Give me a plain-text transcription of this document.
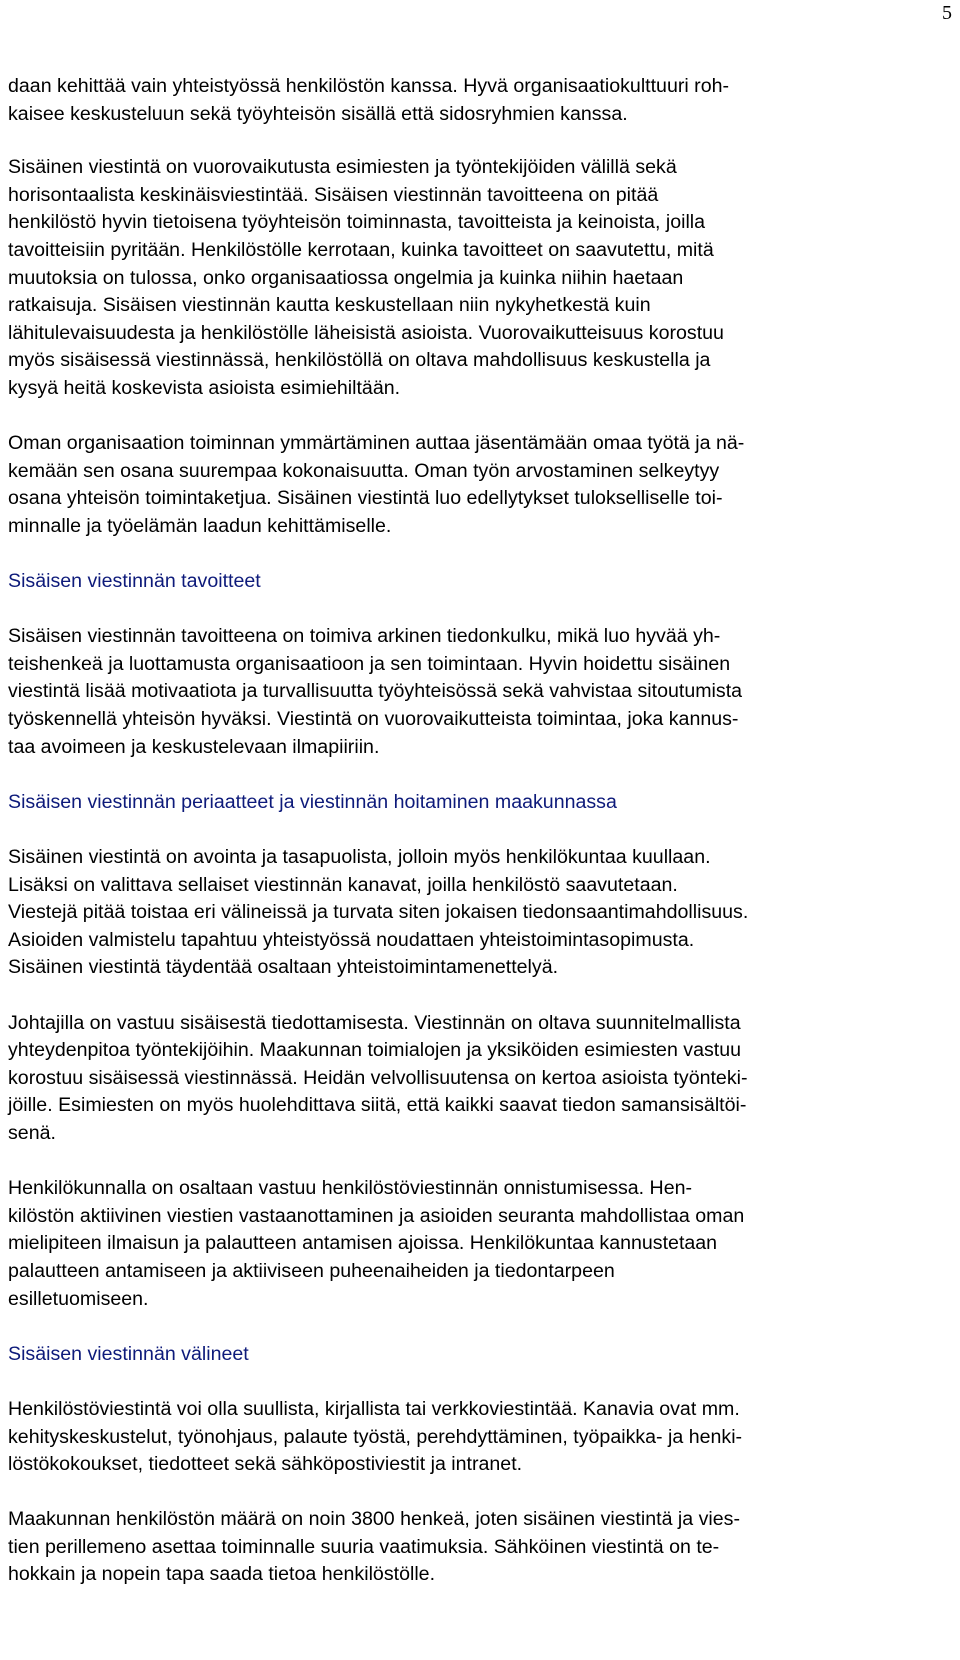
5

daan kehittää vain yhteistyössä henkilöstön kanssa. Hyvä organisaatiokulttuuri roh-
kaisee keskusteluun sekä työyhteisön sisällä että sidosryhmien kanssa.

Sisäinen viestintä on vuorovaikutusta esimiesten ja työntekijöiden välillä sekä
horisontaalista keskinäisviestintää. Sisäisen viestinnän tavoitteena on pitää
henkilöstö hyvin tietoisena työyhteisön toiminnasta, tavoitteista ja keinoista, joilla
tavoitteisiin pyritään. Henkilöstölle kerrotaan, kuinka tavoitteet on saavutettu, mitä
muutoksia on tulossa, onko organisaatiossa ongelmia ja kuinka niihin haetaan
ratkaisuja. Sisäisen viestinnän kautta keskustellaan niin nykyhetkestä kuin
lähitulevaisuudesta ja henkilöstölle läheisistä asioista. Vuorovaikutteisuus korostuu
myös sisäisessä viestinnässä, henkilöstöllä on oltava mahdollisuus keskustella ja
kysyä heitä koskevista asioista esimiehiltään.

Oman organisaation toiminnan ymmärtäminen auttaa jäsentämään omaa työtä ja nä-
kemään sen osana suurempaa kokonaisuutta. Oman työn arvostaminen selkeytyy
osana yhteisön toimintaketjua. Sisäinen viestintä luo edellytykset tulokselliselle toi-
minnalle ja työelämän laadun kehittämiselle.

Sisäisen viestinnän tavoitteet

Sisäisen viestinnän tavoitteena on toimiva arkinen tiedonkulku, mikä luo hyvää yh-
teishenkeä ja luottamusta organisaatioon ja sen toimintaan. Hyvin hoidettu sisäinen
viestintä lisää motivaatiota ja turvallisuutta työyhteisössä sekä vahvistaa sitoutumista
työskennellä yhteisön hyväksi. Viestintä on vuorovaikutteista toimintaa, joka kannus-
taa avoimeen ja keskustelevaan ilmapiiriin.

Sisäisen viestinnän periaatteet ja viestinnän hoitaminen maakunnassa

Sisäinen viestintä on avointa ja tasapuolista, jolloin myös henkilökuntaa kuullaan.
Lisäksi on valittava sellaiset viestinnän kanavat, joilla henkilöstö saavutetaan.
Viestejä pitää toistaa eri välineissä ja turvata siten jokaisen tiedonsaantimahdollisuus.
Asioiden valmistelu tapahtuu yhteistyössä noudattaen yhteistoimintasopimusta.
Sisäinen viestintä täydentää osaltaan yhteistoimintamenettelyä.

Johtajilla on vastuu sisäisestä tiedottamisesta. Viestinnän on oltava suunnitelmallista
yhteydenpitoa työntekijöihin. Maakunnan toimialojen ja yksiköiden esimiesten vastuu
korostuu sisäisessä viestinnässä. Heidän velvollisuutensa on kertoa asioista työnteki-
jöille. Esimiesten on myös huolehdittava siitä, että kaikki saavat tiedon samansisältöi-
senä.

Henkilökunnalla on osaltaan vastuu henkilöstöviestinnän onnistumisessa. Hen-
kilöstön aktiivinen viestien vastaanottaminen ja asioiden seuranta mahdollistaa oman
mielipiteen ilmaisun ja palautteen antamisen ajoissa. Henkilökuntaa kannustetaan
palautteen antamiseen ja aktiiviseen puheenaiheiden ja tiedontarpeen
esilletuomiseen.

Sisäisen viestinnän välineet

Henkilöstöviestintä voi olla suullista, kirjallista tai verkkoviestintää. Kanavia ovat mm.
kehityskeskustelut, työnohjaus, palaute työstä, perehdyttäminen, työpaikka- ja henki-
löstökokoukset, tiedotteet sekä sähköpostiviestit ja intranet.

Maakunnan henkilöstön määrä on noin 3800 henkeä, joten sisäinen viestintä ja vies-
tien perillemeno asettaa toiminnalle suuria vaatimuksia. Sähköinen viestintä on te-
hokkain ja nopein tapa saada tietoa henkilöstölle.
